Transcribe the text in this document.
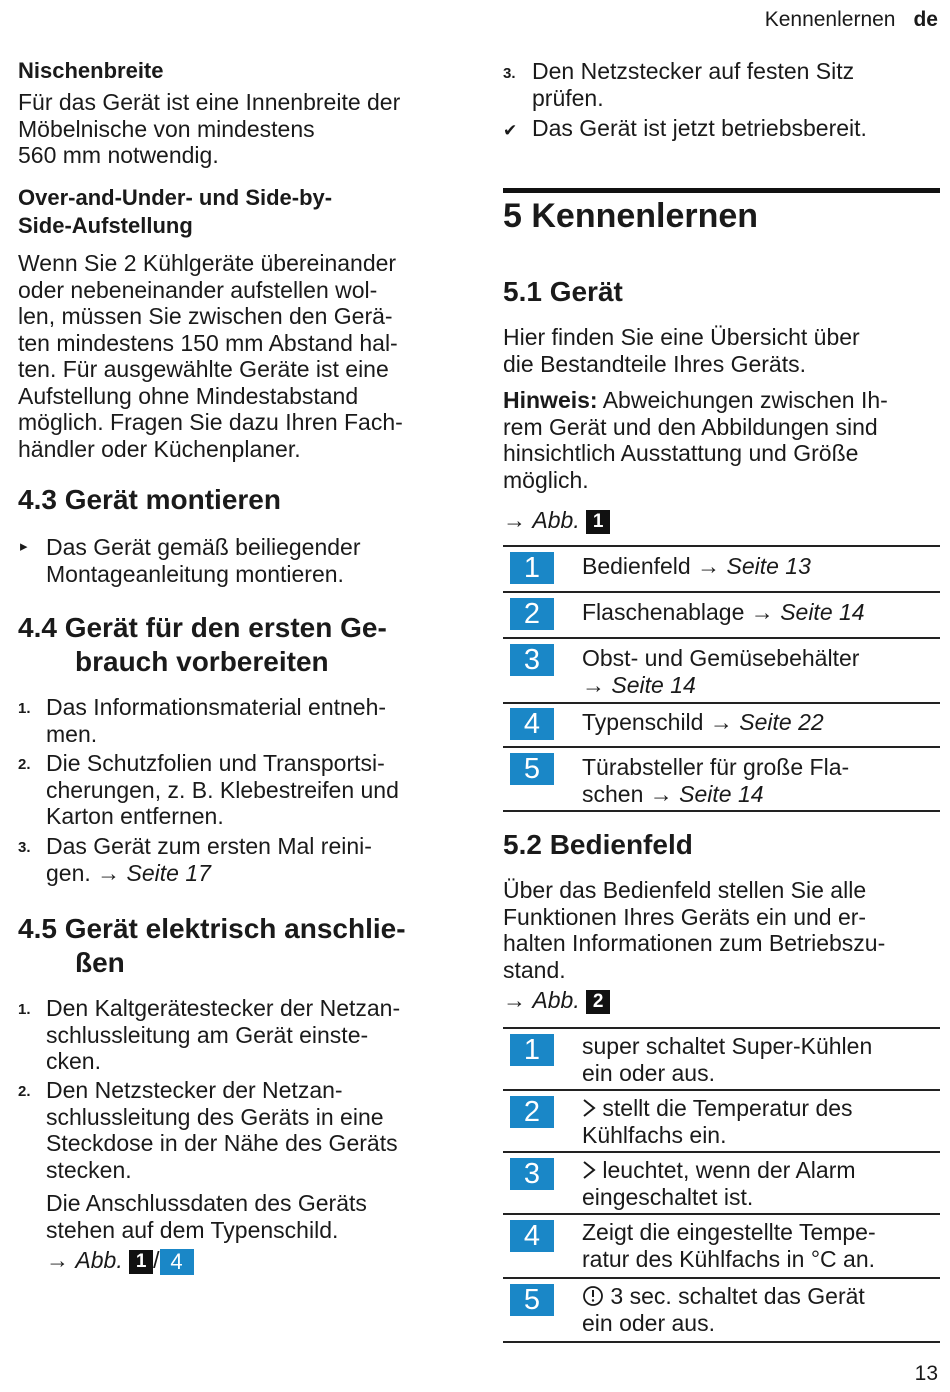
Kennenlernen de
Nischenbreite
Für das Gerät ist eine Innenbreite der
Möbelnische von mindestens
560 mm notwendig.
Over-and-Under- und Side-by-
Side-Aufstellung
Wenn Sie 2 Kühlgeräte übereinander
oder nebeneinander aufstellen wol-
len, müssen Sie zwischen den Gerä-
ten mindestens 150 mm Abstand hal-
ten. Für ausgewählte Geräte ist eine
Aufstellung ohne Mindestabstand
möglich. Fragen Sie dazu Ihren Fach-
händler oder Küchenplaner.
4.3 Gerät montieren
▸ Das Gerät gemäß beiliegender
Montageanleitung montieren.
4.4 Gerät für den ersten Ge-
brauch vorbereiten
1. Das Informationsmaterial entneh-
men.
2. Die Schutzfolien und Transportsi-
cherungen, z. B. Klebestreifen und
Karton entfernen.
3. Das Gerät zum ersten Mal reini-
gen. → Seite 17
4.5 Gerät elektrisch anschlie-
ßen
1. Den Kaltgerätestecker der Netzan-
schlussleitung am Gerät einste-
cken.
2. Den Netzstecker der Netzan-
schlussleitung des Geräts in eine
Steckdose in der Nähe des Geräts
stecken.
Die Anschlussdaten des Geräts
stehen auf dem Typenschild.
→ Abb. 1 / 4
3. Den Netzstecker auf festen Sitz
prüfen.
✔ Das Gerät ist jetzt betriebsbereit.
5 Kennenlernen
5.1 Gerät
Hier finden Sie eine Übersicht über
die Bestandteile Ihres Geräts.
Hinweis: Abweichungen zwischen Ih-
rem Gerät und den Abbildungen sind
hinsichtlich Ausstattung und Größe
möglich.
→ Abb. 1
1	Bedienfeld → Seite 13
2	Flaschenablage → Seite 14
3	Obst- und Gemüsebehälter
→ Seite 14
4	Typenschild → Seite 22
5	Türabsteller für große Fla-
schen → Seite 14
5.2 Bedienfeld
Über das Bedienfeld stellen Sie alle
Funktionen Ihres Geräts ein und er-
halten Informationen zum Betriebszu-
stand.
→ Abb. 2
1	super schaltet Super-Kühlen
ein oder aus.
2	stellt die Temperatur des
Kühlfachs ein.
3	leuchtet, wenn der Alarm
eingeschaltet ist.
4	Zeigt die eingestellte Tempe-
ratur des Kühlfachs in °C an.
5	3 sec. schaltet das Gerät
ein oder aus.
13
